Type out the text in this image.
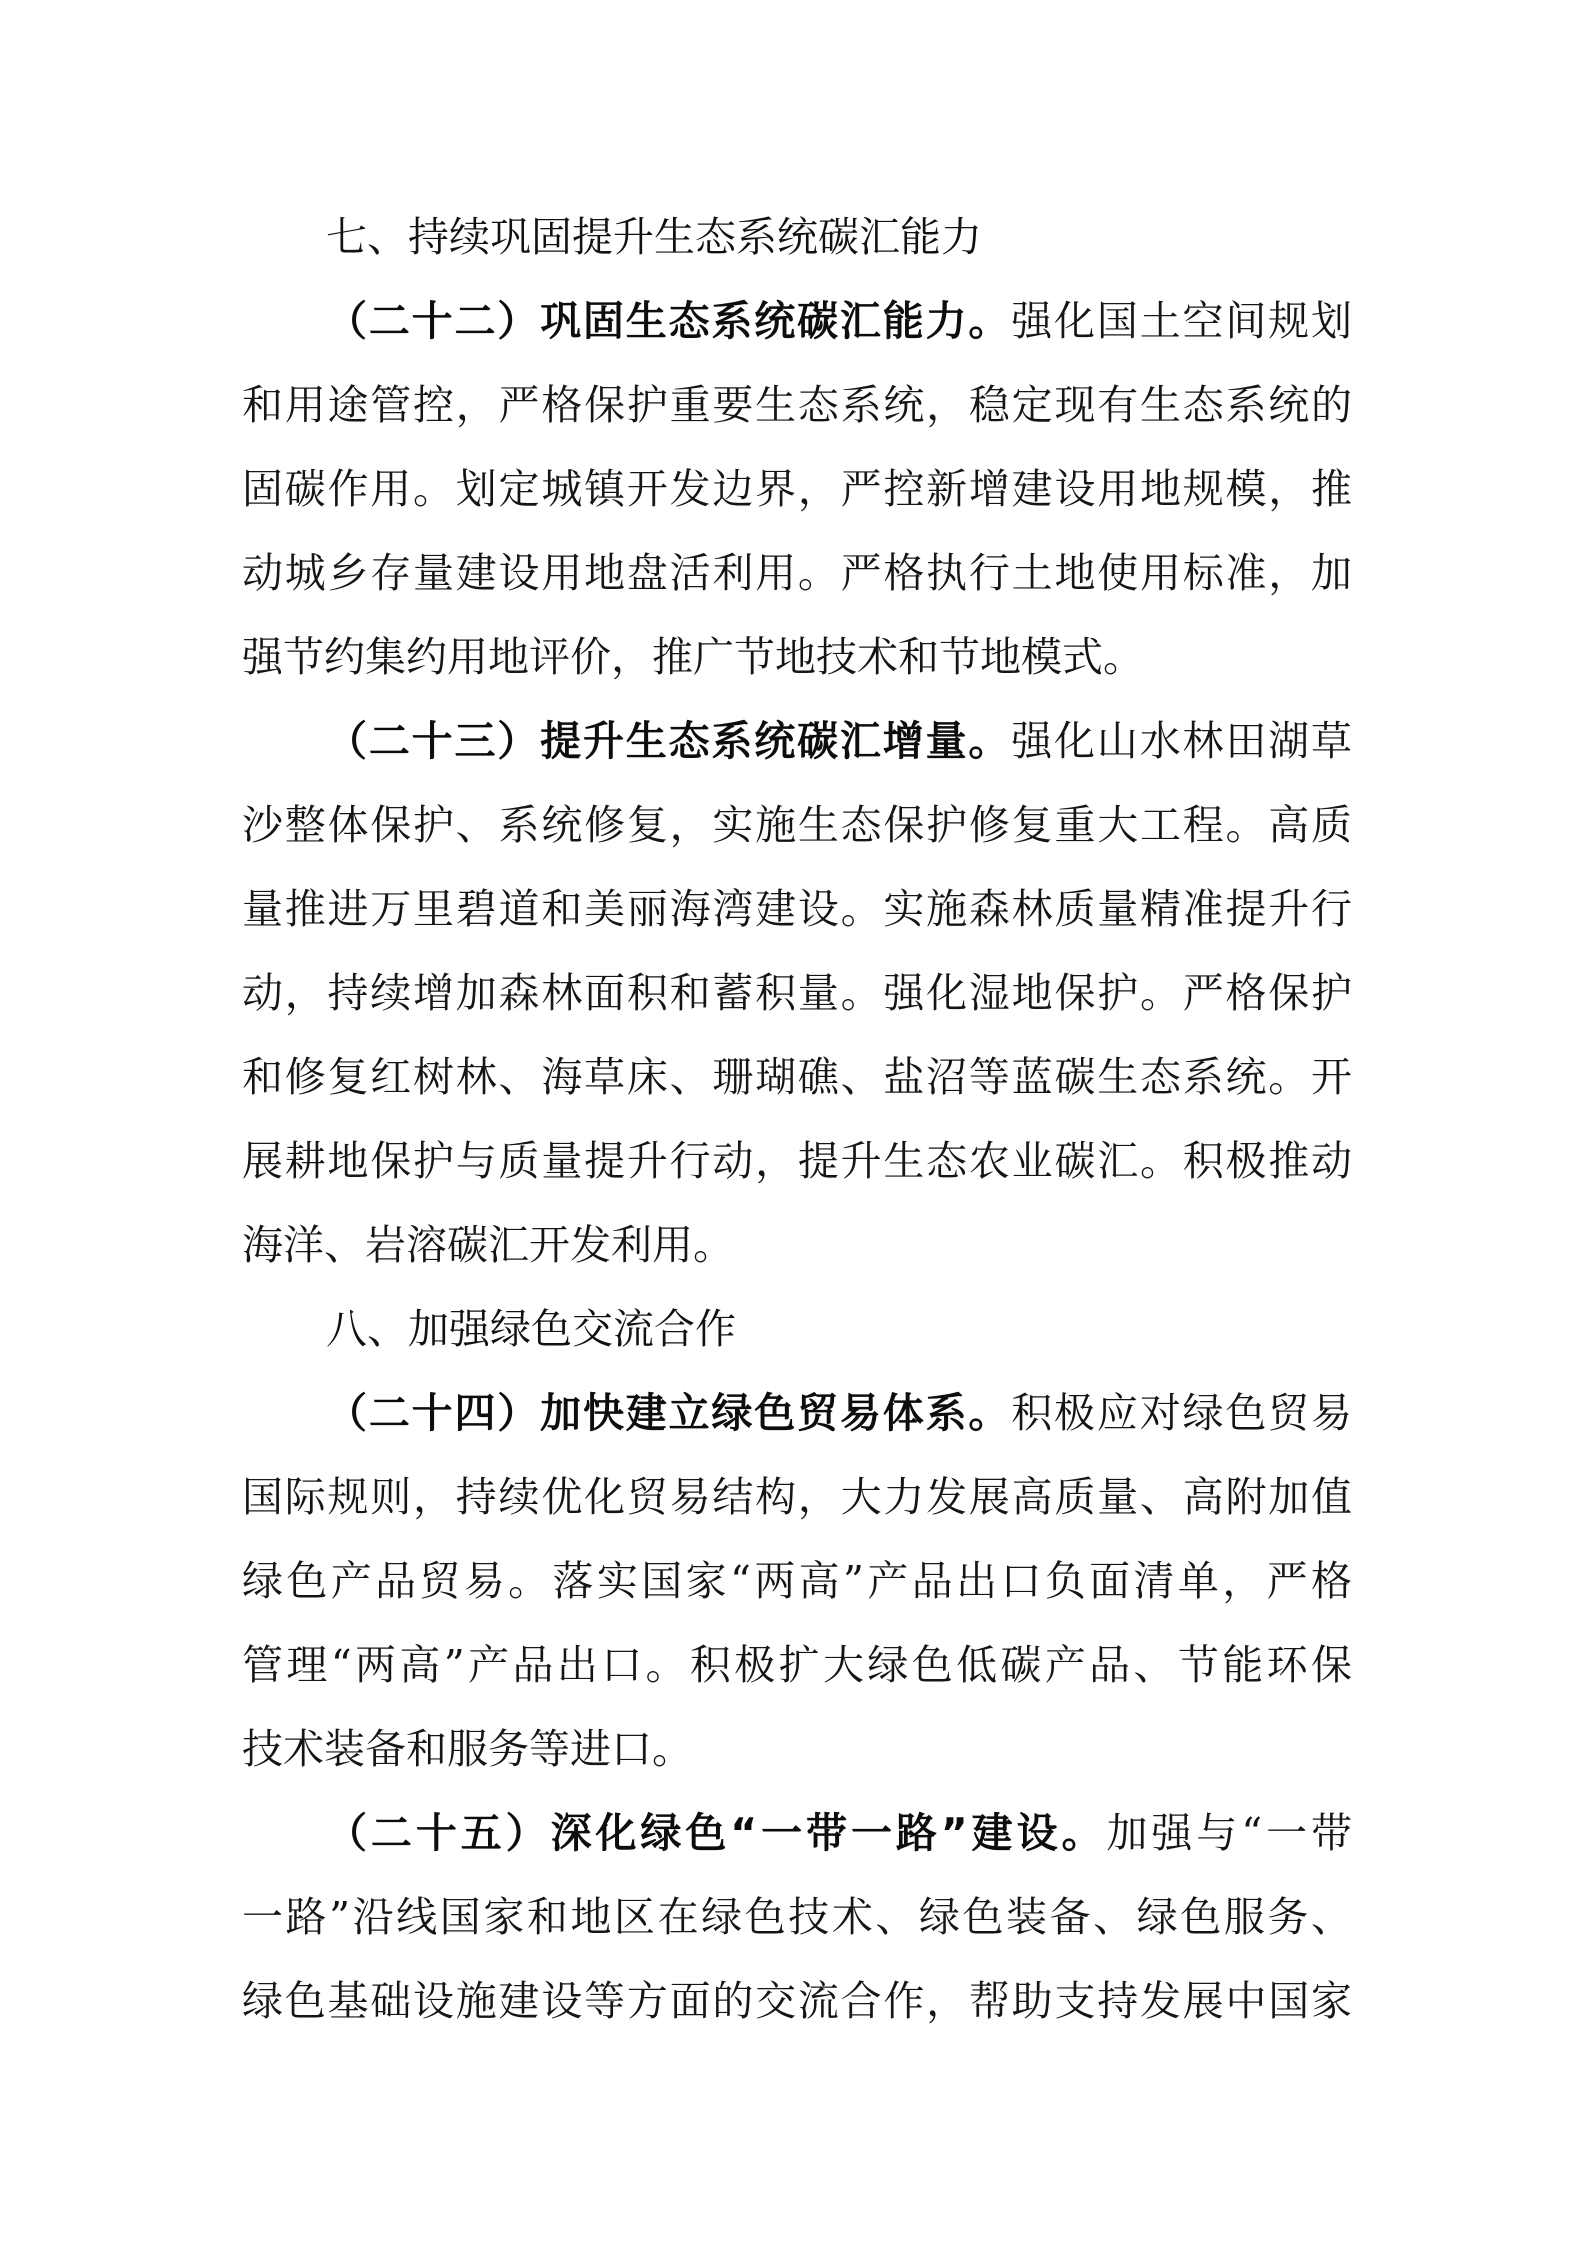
七、持续巩固提升生态系统碳汇能力
（二十二）巩固生态系统碳汇能力。强化国土空间规划
和用途管控，严格保护重要生态系统，稳定现有生态系统的
固碳作用。划定城镇开发边界，严控新增建设用地规模，推
动城乡存量建设用地盘活利用。严格执行土地使用标准，加
强节约集约用地评价，推广节地技术和节地模式。
（二十三）提升生态系统碳汇增量。强化山水林田湖草
沙整体保护、系统修复，实施生态保护修复重大工程。高质
量推进万里碧道和美丽海湾建设。实施森林质量精准提升行
动，持续增加森林面积和蓄积量。强化湿地保护。严格保护
和修复红树林、海草床、珊瑚礁、盐沼等蓝碳生态系统。开
展耕地保护与质量提升行动，提升生态农业碳汇。积极推动
海洋、岩溶碳汇开发利用。
八、加强绿色交流合作
（二十四）加快建立绿色贸易体系。积极应对绿色贸易
国际规则，持续优化贸易结构，大力发展高质量、高附加值
绿色产品贸易。落实国家“两高”产品出口负面清单，严格
管理“两高”产品出口。积极扩大绿色低碳产品、节能环保
技术装备和服务等进口。
（二十五）深化绿色“一带一路”建设。加强与“一带
一路”沿线国家和地区在绿色技术、绿色装备、绿色服务、
绿色基础设施建设等方面的交流合作，帮助支持发展中国家
